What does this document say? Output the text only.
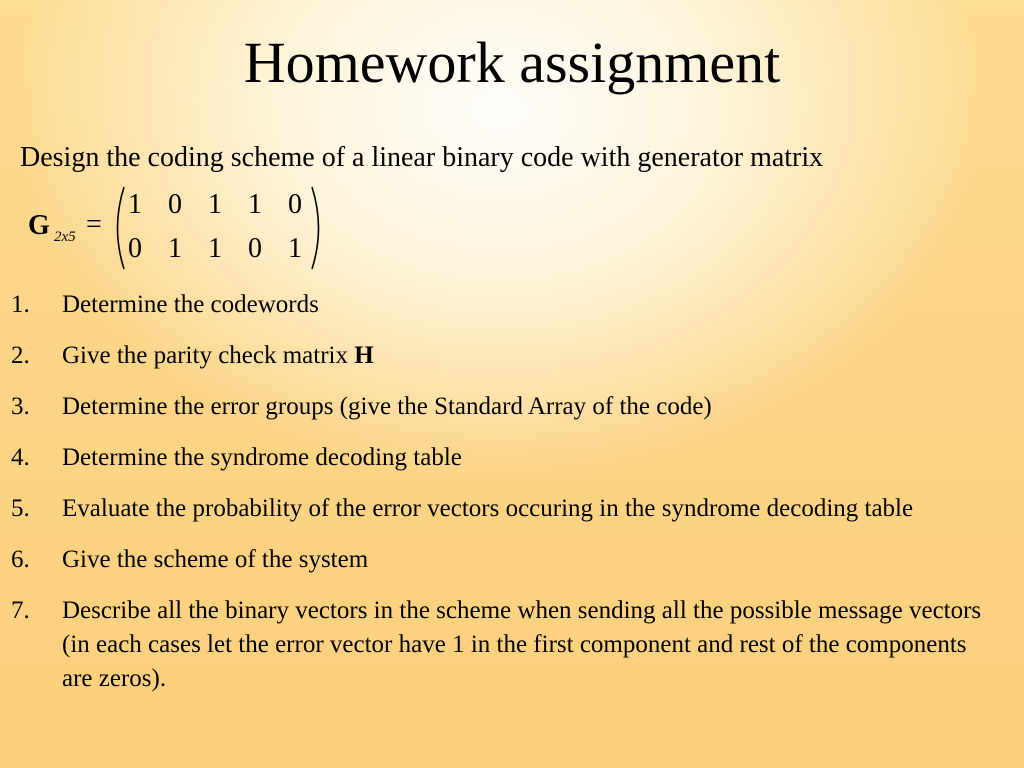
Homework assignment
Design the coding scheme of a linear binary code with generator matrix
G 2x5 =
1 0 1 1 0
0 1 1 0 1
1.	Determine the codewords
2.	Give the parity check matrix H
3.	Determine the error groups (give the Standard Array of the code)
4.	Determine the syndrome decoding table
5.	Evaluate the probability of the error vectors occuring in the syndrome decoding table
6.	Give the scheme of the system
7.	Describe all the binary vectors in the scheme when sending all the possible message vectors (in each cases let the error vector have 1 in the first component and rest of the components are zeros).
